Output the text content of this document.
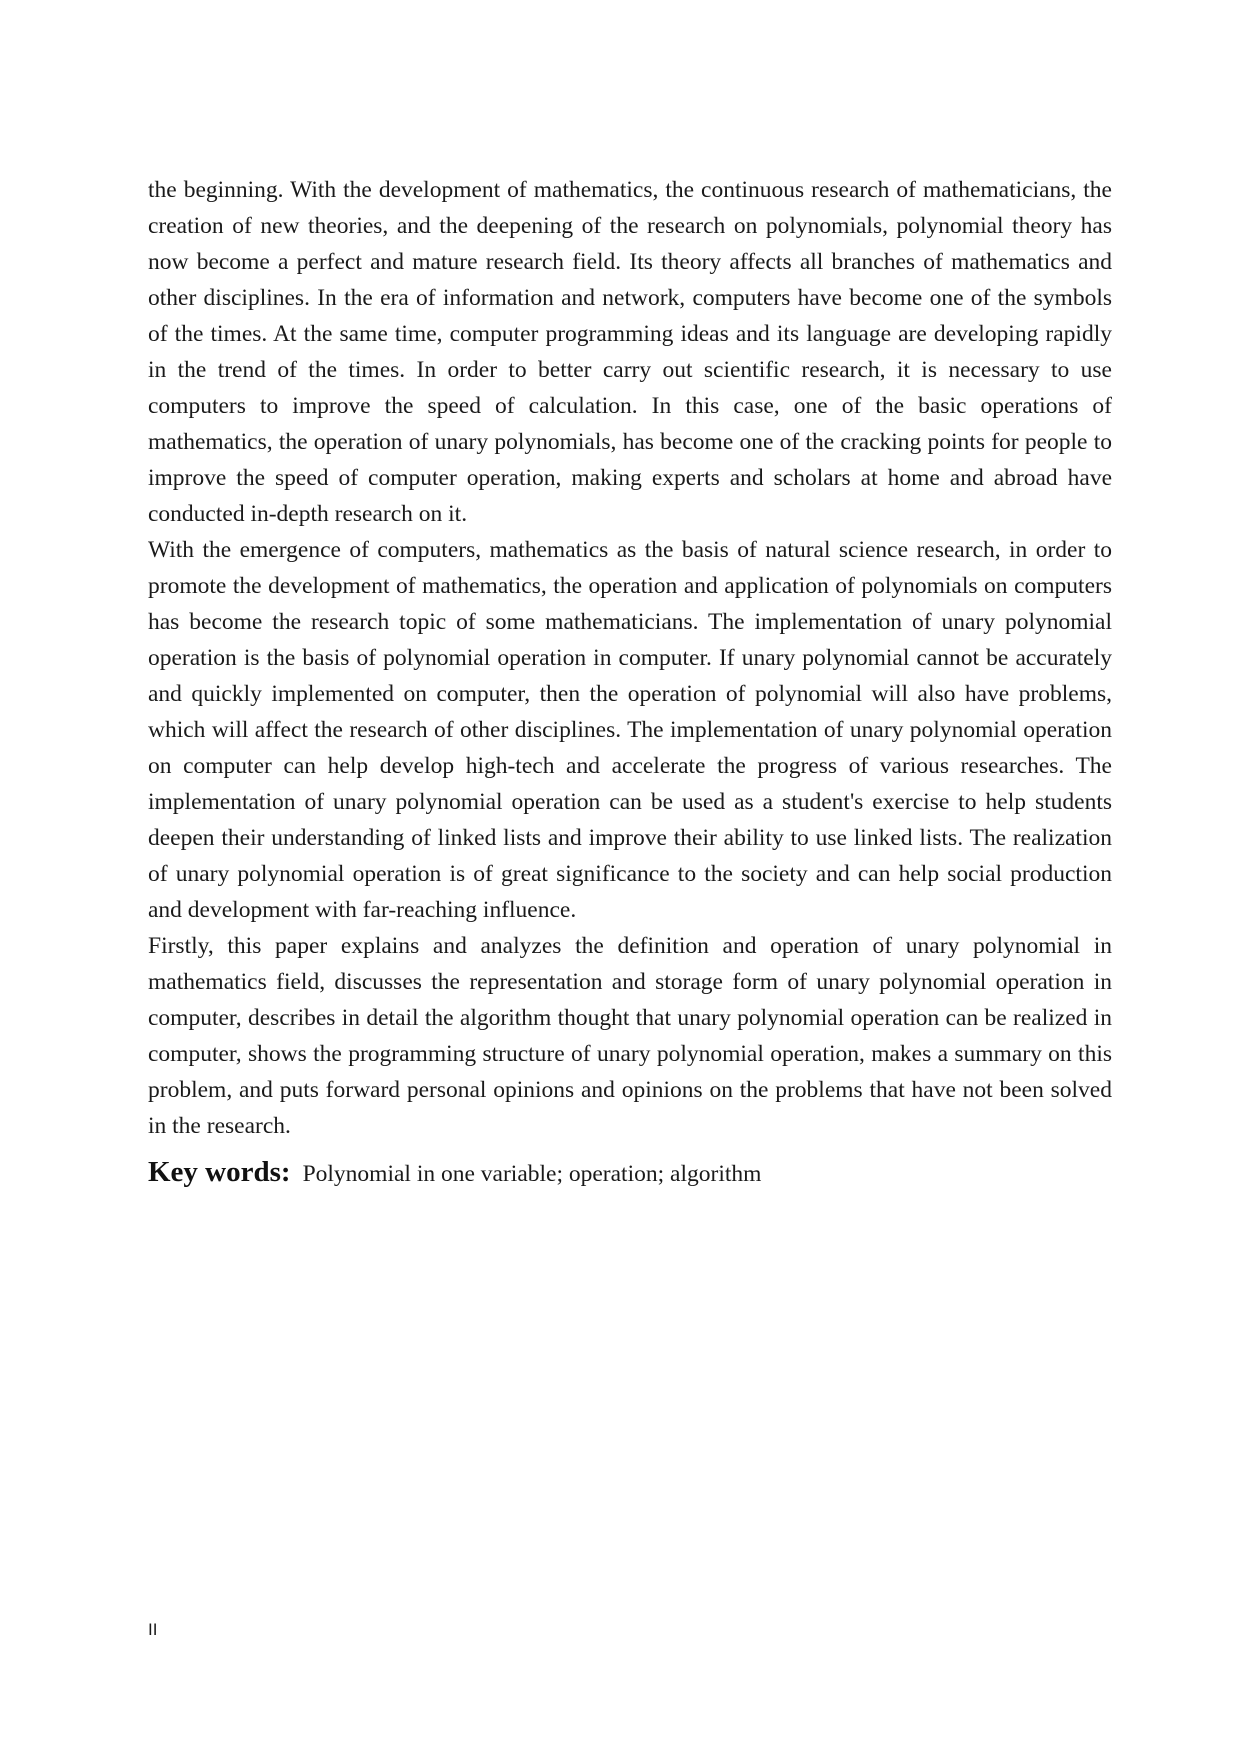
the beginning. With the development of mathematics, the continuous research of mathematicians, the creation of new theories, and the deepening of the research on polynomials, polynomial theory has now become a perfect and mature research field. Its theory affects all branches of mathematics and other disciplines. In the era of information and network, computers have become one of the symbols of the times. At the same time, computer programming ideas and its language are developing rapidly in the trend of the times. In order to better carry out scientific research, it is necessary to use computers to improve the speed of calculation. In this case, one of the basic operations of mathematics, the operation of unary polynomials, has become one of the cracking points for people to improve the speed of computer operation, making experts and scholars at home and abroad have conducted in-depth research on it.

With the emergence of computers, mathematics as the basis of natural science research, in order to promote the development of mathematics, the operation and application of polynomials on computers has become the research topic of some mathematicians. The implementation of unary polynomial operation is the basis of polynomial operation in computer. If unary polynomial cannot be accurately and quickly implemented on computer, then the operation of polynomial will also have problems, which will affect the research of other disciplines. The implementation of unary polynomial operation on computer can help develop high-tech and accelerate the progress of various researches. The implementation of unary polynomial operation can be used as a student's exercise to help students deepen their understanding of linked lists and improve their ability to use linked lists. The realization of unary polynomial operation is of great significance to the society and can help social production and development with far-reaching influence.

Firstly, this paper explains and analyzes the definition and operation of unary polynomial in mathematics field, discusses the representation and storage form of unary polynomial operation in computer, describes in detail the algorithm thought that unary polynomial operation can be realized in computer, shows the programming structure of unary polynomial operation, makes a summary on this problem, and puts forward personal opinions and opinions on the problems that have not been solved in the research.

Key words: Polynomial in one variable; operation; algorithm

II
